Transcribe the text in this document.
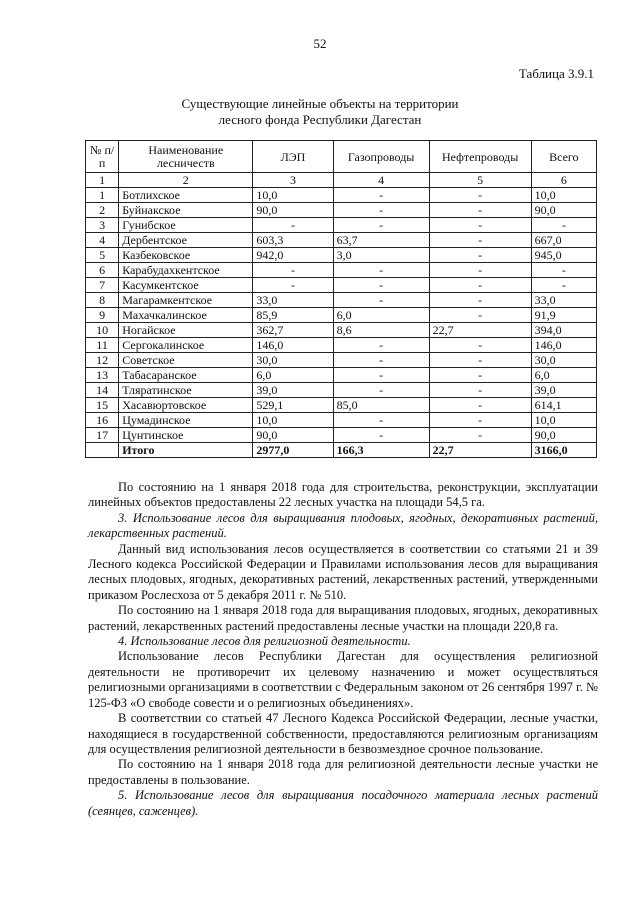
52
Таблица 3.9.1
Существующие линейные объекты на территории
лесного фонда Республики Дагестан
№ п/п	Наименование лесничеств	ЛЭП	Газопроводы	Нефтепроводы	Всего
1	2	3	4	5	6
1	Ботлихское	10,0	-	-	10,0
2	Буйнакское	90,0	-	-	90,0
3	Гунибское	-	-	-	-
4	Дербентское	603,3	63,7	-	667,0
5	Казбековское	942,0	3,0	-	945,0
6	Карабудахкентское	-	-	-	-
7	Касумкентское	-	-	-	-
8	Магарамкентское	33,0	-	-	33,0
9	Махачкалинское	85,9	6,0	-	91,9
10	Ногайское	362,7	8,6	22,7	394,0
11	Сергокалинское	146,0	-	-	146,0
12	Советское	30,0	-	-	30,0
13	Табасаранское	6,0	-	-	6,0
14	Тляратинское	39,0	-	-	39,0
15	Хасавюртовское	529,1	85,0	-	614,1
16	Цумадинское	10,0	-	-	10,0
17	Цунтинское	90,0	-	-	90,0
	Итого	2977,0	166,3	22,7	3166,0

По состоянию на 1 января 2018 года для строительства, реконструкции, эксплуатации линейных объектов предоставлены 22 лесных участка на площади 54,5 га.

3. Использование лесов для выращивания плодовых, ягодных, декоративных растений, лекарственных растений.

Данный вид использования лесов осуществляется в соответствии со статьями 21 и 39 Лесного кодекса Российской Федерации и Правилами использования лесов для выращивания лесных плодовых, ягодных, декоративных растений, лекарственных растений, утвержденными приказом Рослесхоза от 5 декабря 2011 г. № 510.

По состоянию на 1 января 2018 года для выращивания плодовых, ягодных, декоративных растений, лекарственных растений предоставлены лесные участки на площади 220,8 га.

4. Использование лесов для религиозной деятельности.

Использование лесов Республики Дагестан для осуществления религиозной деятельности не противоречит их целевому назначению и может осуществляться религиозными организациями в соответствии с Федеральным законом от 26 сентября 1997 г. № 125-ФЗ «О свободе совести и о религиозных объединениях».

В соответствии со статьей 47 Лесного Кодекса Российской Федерации, лесные участки, находящиеся в государственной собственности, предоставляются религиозным организациям для осуществления религиозной деятельности в безвозмездное срочное пользование.

По состоянию на 1 января 2018 года для религиозной деятельности лесные участки не предоставлены в пользование.

5. Использование лесов для выращивания посадочного материала лесных растений (сеянцев, саженцев).
